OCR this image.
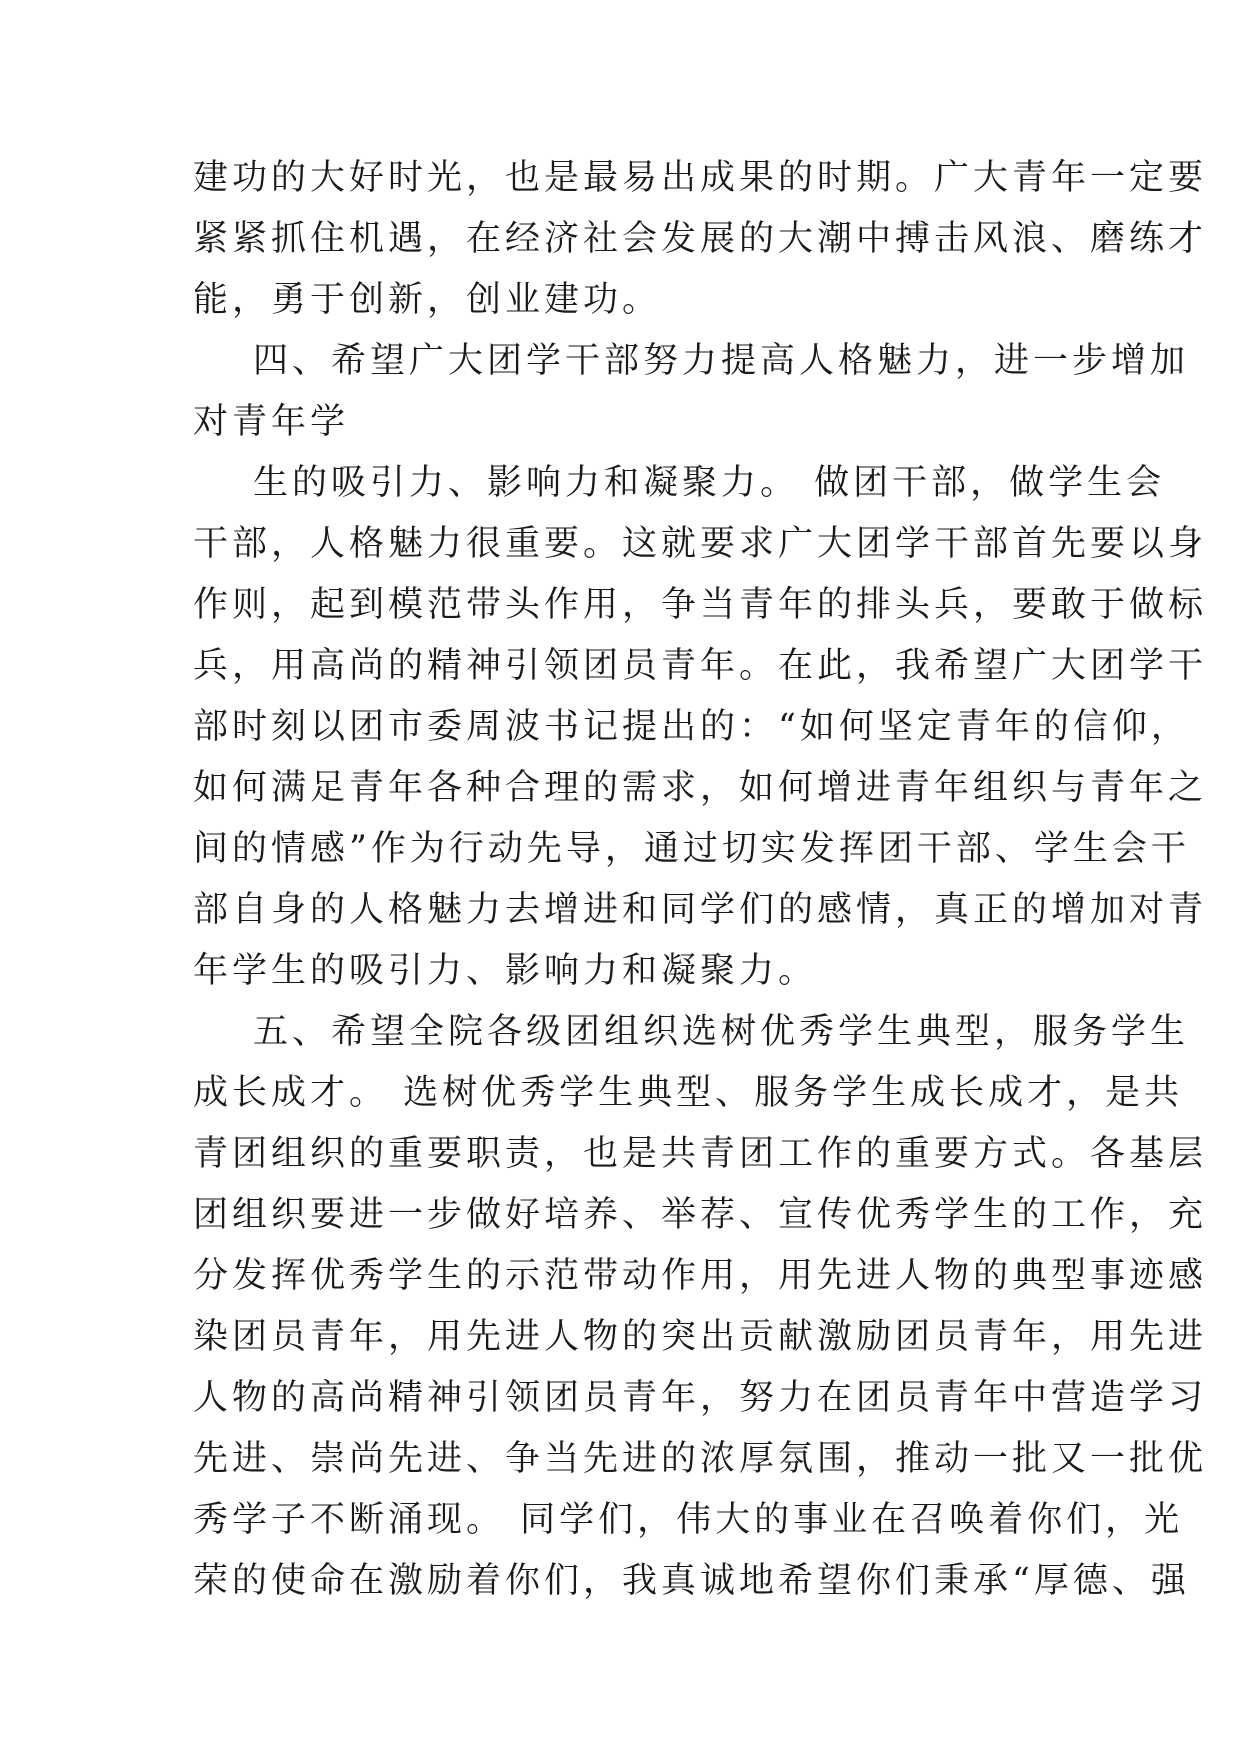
建功的大好时光，也是最易出成果的时期。广大青年一定要
紧紧抓住机遇，在经济社会发展的大潮中搏击风浪、磨练才
能，勇于创新，创业建功。
四、希望广大团学干部努力提高人格魅力，进一步增加
对青年学
生的吸引力、影响力和凝聚力。 做团干部，做学生会
干部，人格魅力很重要。这就要求广大团学干部首先要以身
作则，起到模范带头作用，争当青年的排头兵，要敢于做标
兵，用高尚的精神引领团员青年。在此，我希望广大团学干
部时刻以团市委周波书记提出的：“如何坚定青年的信仰，
如何满足青年各种合理的需求，如何增进青年组织与青年之
间的情感”作为行动先导，通过切实发挥团干部、学生会干
部自身的人格魅力去增进和同学们的感情，真正的增加对青
年学生的吸引力、影响力和凝聚力。
五、希望全院各级团组织选树优秀学生典型，服务学生
成长成才。 选树优秀学生典型、服务学生成长成才，是共
青团组织的重要职责，也是共青团工作的重要方式。各基层
团组织要进一步做好培养、举荐、宣传优秀学生的工作，充
分发挥优秀学生的示范带动作用，用先进人物的典型事迹感
染团员青年，用先进人物的突出贡献激励团员青年，用先进
人物的高尚精神引领团员青年，努力在团员青年中营造学习
先进、崇尚先进、争当先进的浓厚氛围，推动一批又一批优
秀学子不断涌现。 同学们，伟大的事业在召唤着你们，光
荣的使命在激励着你们，我真诚地希望你们秉承“厚德、强
